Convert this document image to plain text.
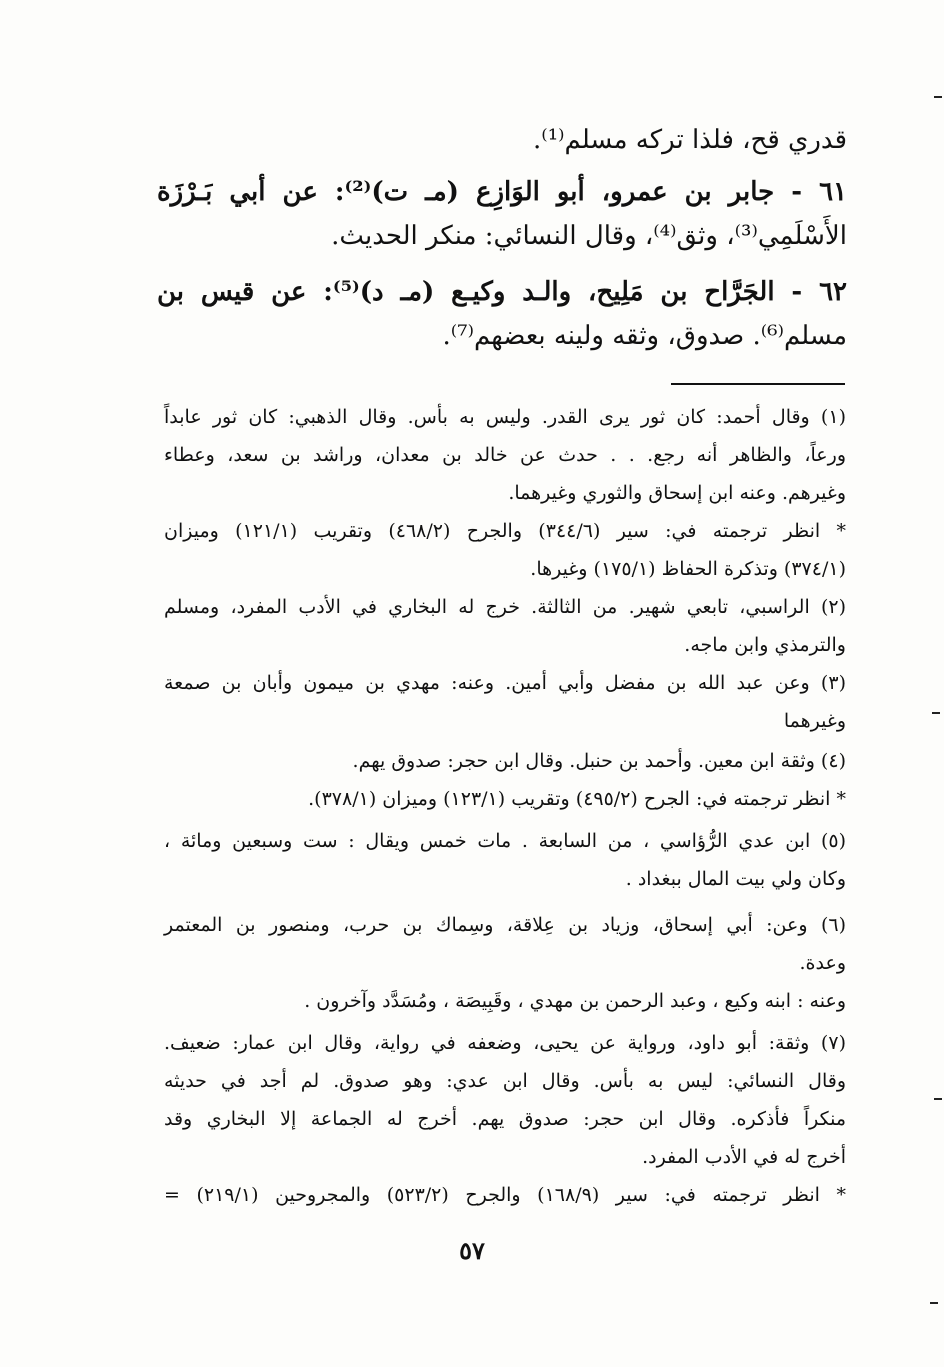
قدري قح، فلذا تركه مسلم⁽¹⁾.
٦١ - جابر بن عمرو، أبو الوَازِع (مـ ت)⁽²⁾: عن أبي بَـرْزَة
الأَسْلَمِي⁽³⁾، وثق⁽⁴⁾، وقال النسائي: منكر الحديث.
٦٢ - الجَرَّاح بن مَلِيح، والـد وكيـع (مـ د)⁽⁵⁾: عن قيس بن
مسلم⁽⁶⁾. صدوق، وثقه ولينه بعضهم⁽⁷⁾.
(١) وقال أحمد: كان ثور يرى القدر. وليس به بأس. وقال الذهبي: كان ثور عابداً
ورعاً، والظاهر أنه رجع. . . حدث عن خالد بن معدان، وراشد بن سعد، وعطاء
وغيرهم. وعنه ابن إسحاق والثوري وغيرهما.
* انظر ترجمته في: سير (٣٤٤/٦) والجرح (٤٦٨/٢) وتقريب (١٢١/١) وميزان
(٣٧٤/١) وتذكرة الحفاظ (١٧٥/١) وغيرها.
(٢) الراسبي، تابعي شهير. من الثالثة. خرج له البخاري في الأدب المفرد، ومسلم
والترمذي وابن ماجه.
(٣) وعن عبد الله بن مفضل وأبي أمين. وعنه: مهدي بن ميمون وأبان بن صمعة
وغيرهما
(٤) وثقة ابن معين. وأحمد بن حنبل. وقال ابن حجر: صدوق يهم.
* انظر ترجمته في: الجرح (٤٩٥/٢) وتقريب (١٢٣/١) وميزان (٣٧٨/١).
(٥) ابن عدي الرُّؤاسي ، من السابعة . مات خمس ويقال : ست وسبعين ومائة ،
وكان ولي بيت المال ببغداد .
(٦) وعن: أبي إسحاق، وزياد بن عِلاقة، وسِماك بن حرب، ومنصور بن المعتمر
وعدة.
وعنه : ابنه وكيع ، وعبد الرحمن بن مهدي ، وقَبِيصَة ، ومُسَدَّد وآخرون .
(٧) وثقة: أبو داود، ورواية عن يحيى، وضعفه في رواية، وقال ابن عمار: ضعيف.
وقال النسائي: ليس به بأس. وقال ابن عدي: وهو صدوق. لم أجد في حديثه
منكراً فأذكره. وقال ابن حجر: صدوق يهم. أخرج له الجماعة إلا البخاري وقد
أخرج له في الأدب المفرد.
* انظر ترجمته في: سير (١٦٨/٩) والجرح (٥٢٣/٢) والمجروحين (٢١٩/١) =
٥٧
